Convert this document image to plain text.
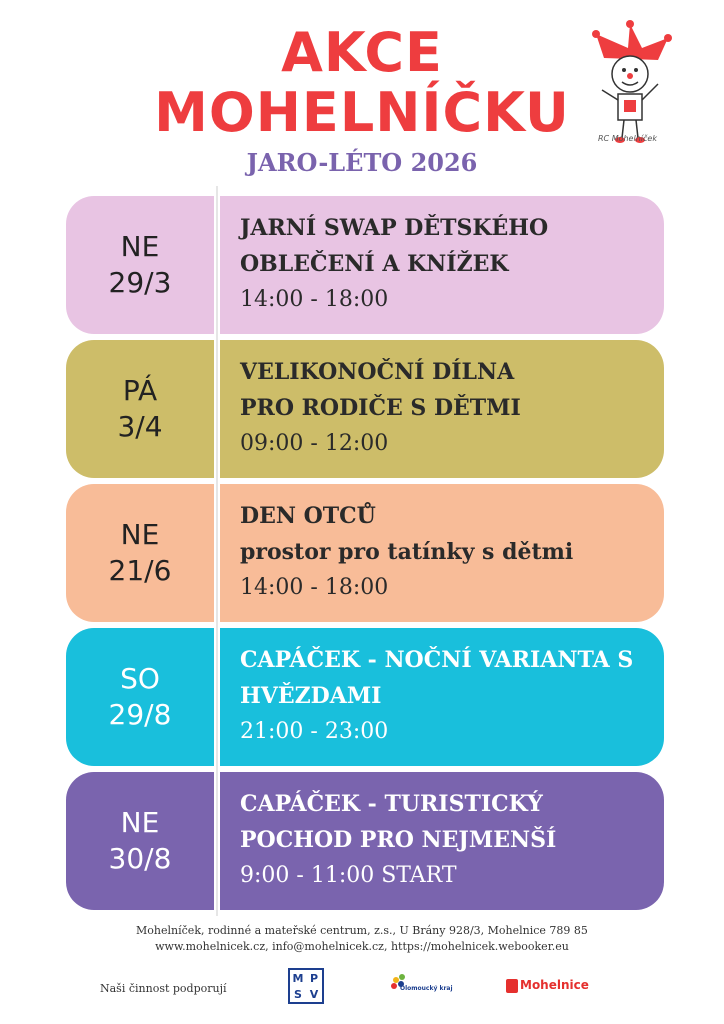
AKCE
MOHELNÍČKU
JARO-LÉTO 2026
RC Mohelníček
NE
29/3
JARNÍ SWAP DĚTSKÉHO
OBLEČENÍ A KNÍŽEK
14:00 - 18:00
PÁ
3/4
VELIKONOČNÍ DÍLNA
PRO RODIČE S DĚTMI
09:00 - 12:00
NE
21/6
DEN OTCŮ
prostor pro tatínky s dětmi
14:00 - 18:00
SO
29/8
CAPÁČEK - NOČNÍ VARIANTA S
HVĚZDAMI
21:00 - 23:00
NE
30/8
CAPÁČEK - TURISTICKÝ
POCHOD PRO NEJMENŠÍ
9:00 - 11:00 START
Mohelníček, rodinné a mateřské centrum, z.s., U Brány 928/3, Mohelnice 789 85
www.mohelnicek.cz, info@mohelnicek.cz, https://mohelnicek.webooker.eu
Naši činnost podporují
M P
S V	Olomoucký kraj	Mohelnice
